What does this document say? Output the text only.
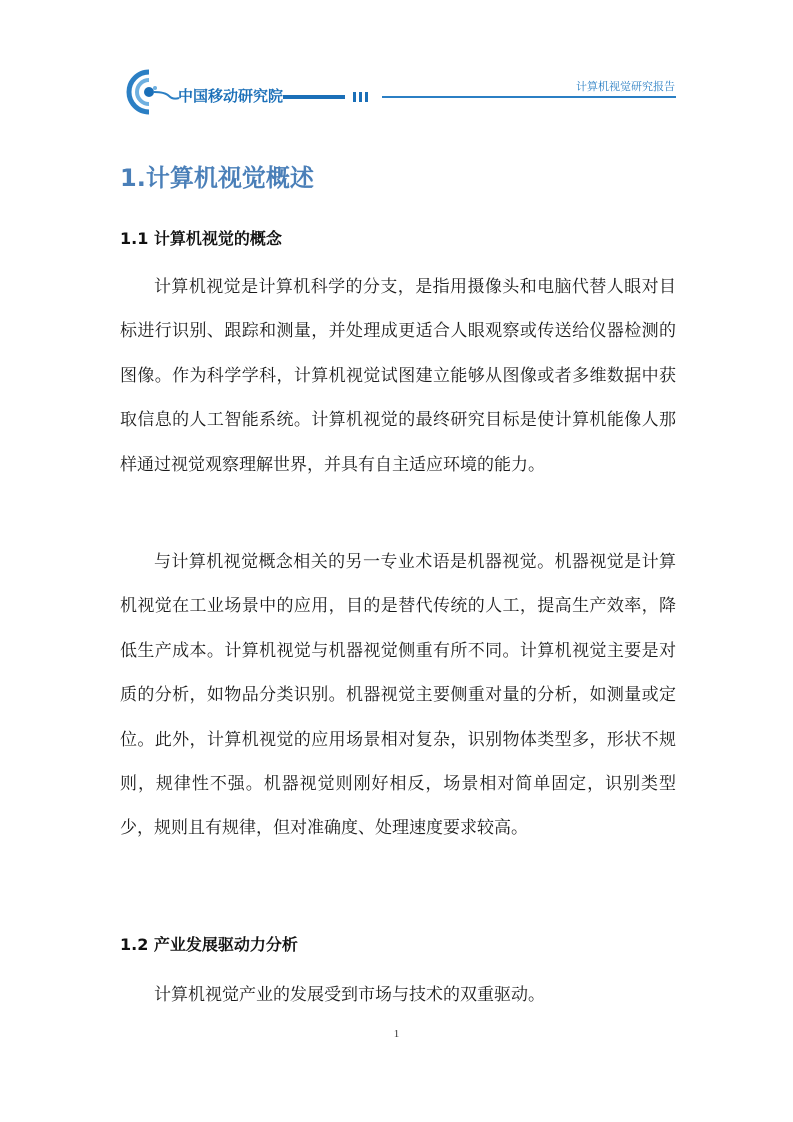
中国移动研究院
计算机视觉研究报告
1.计算机视觉概述
1.1 计算机视觉的概念
计算机视觉是计算机科学的分支，是指用摄像头和电脑代替人眼对目标进行识别、跟踪和测量，并处理成更适合人眼观察或传送给仪器检测的图像。作为科学学科，计算机视觉试图建立能够从图像或者多维数据中获取信息的人工智能系统。计算机视觉的最终研究目标是使计算机能像人那样通过视觉观察理解世界，并具有自主适应环境的能力。
与计算机视觉概念相关的另一专业术语是机器视觉。机器视觉是计算机视觉在工业场景中的应用，目的是替代传统的人工，提高生产效率，降低生产成本。计算机视觉与机器视觉侧重有所不同。计算机视觉主要是对质的分析，如物品分类识别。机器视觉主要侧重对量的分析，如测量或定位。此外，计算机视觉的应用场景相对复杂，识别物体类型多，形状不规则，规律性不强。机器视觉则刚好相反，场景相对简单固定，识别类型少，规则且有规律，但对准确度、处理速度要求较高。
1.2 产业发展驱动力分析
计算机视觉产业的发展受到市场与技术的双重驱动。
1
